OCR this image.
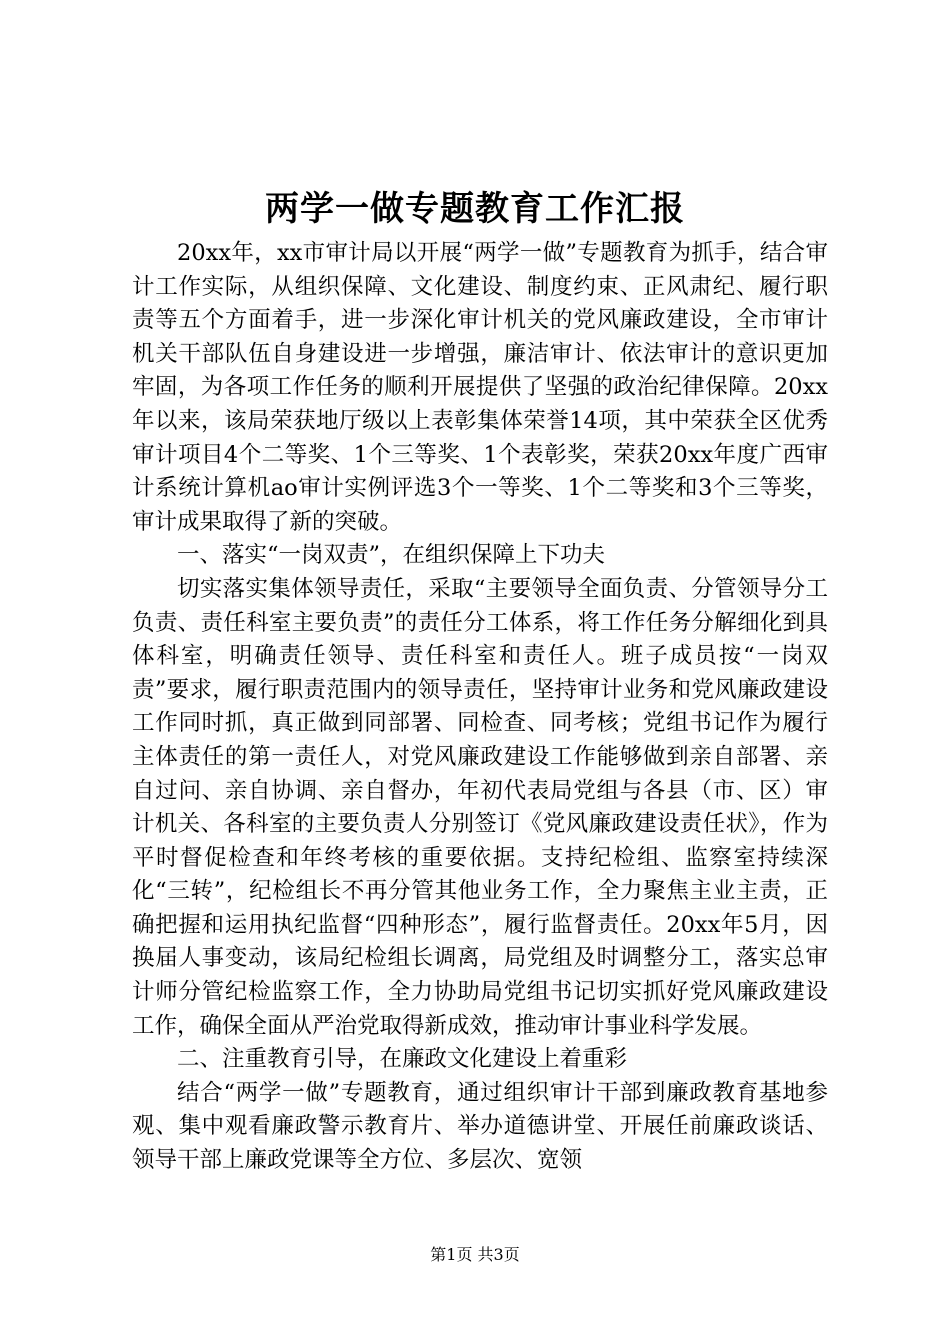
两学一做专题教育工作汇报

20xx年，xx市审计局以开展“两学一做”专题教育为抓手，结合审计工作实际，从组织保障、文化建设、制度约束、正风肃纪、履行职责等五个方面着手，进一步深化审计机关的党风廉政建设，全市审计机关干部队伍自身建设进一步增强，廉洁审计、依法审计的意识更加牢固，为各项工作任务的顺利开展提供了坚强的政治纪律保障。20xx年以来，该局荣获地厅级以上表彰集体荣誉14项，其中荣获全区优秀审计项目4个二等奖、1个三等奖、1个表彰奖，荣获20xx年度广西审计系统计算机ao审计实例评选3个一等奖、1个二等奖和3个三等奖，审计成果取得了新的突破。

一、落实“一岗双责”，在组织保障上下功夫

切实落实集体领导责任，采取“主要领导全面负责、分管领导分工负责、责任科室主要负责”的责任分工体系，将工作任务分解细化到具体科室，明确责任领导、责任科室和责任人。班子成员按“一岗双责”要求，履行职责范围内的领导责任，坚持审计业务和党风廉政建设工作同时抓，真正做到同部署、同检查、同考核；党组书记作为履行主体责任的第一责任人，对党风廉政建设工作能够做到亲自部署、亲自过问、亲自协调、亲自督办，年初代表局党组与各县（市、区）审计机关、各科室的主要负责人分别签订《党风廉政建设责任状》，作为平时督促检查和年终考核的重要依据。支持纪检组、监察室持续深化“三转”，纪检组长不再分管其他业务工作，全力聚焦主业主责，正确把握和运用执纪监督“四种形态”，履行监督责任。20xx年5月，因换届人事变动，该局纪检组长调离，局党组及时调整分工，落实总审计师分管纪检监察工作，全力协助局党组书记切实抓好党风廉政建设工作，确保全面从严治党取得新成效，推动审计事业科学发展。

二、注重教育引导，在廉政文化建设上着重彩

结合“两学一做”专题教育，通过组织审计干部到廉政教育基地参观、集中观看廉政警示教育片、举办道德讲堂、开展任前廉政谈话、领导干部上廉政党课等全方位、多层次、宽领

第1页 共3页
